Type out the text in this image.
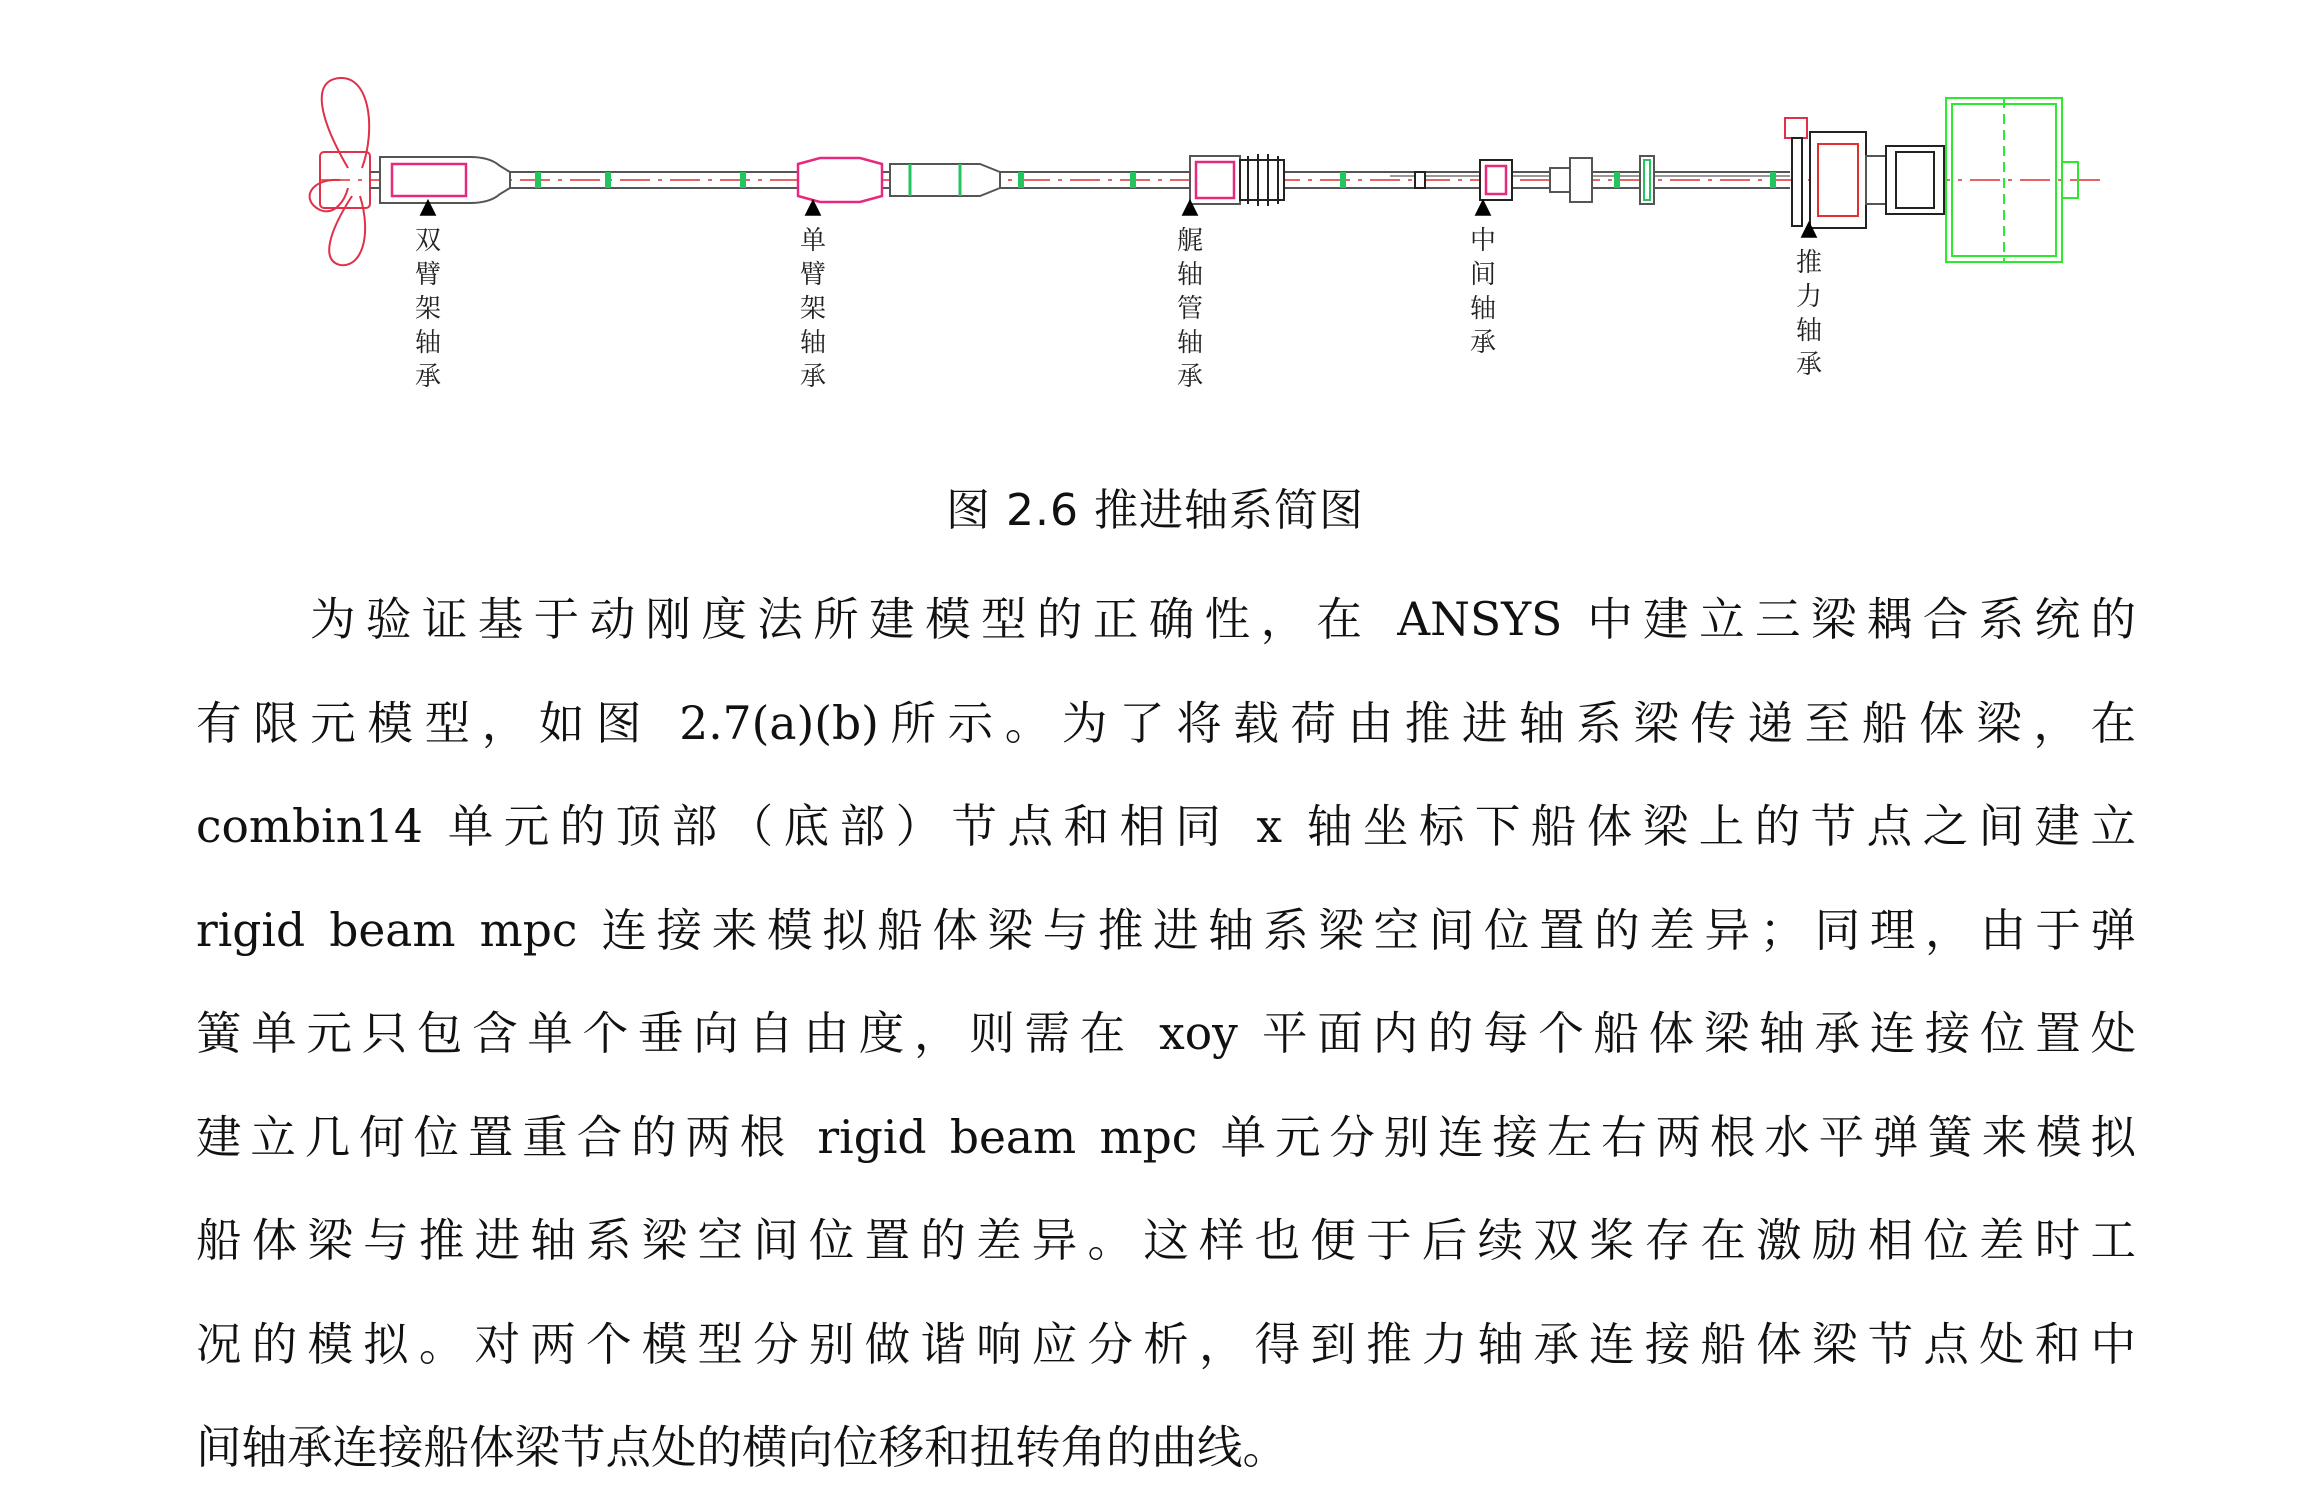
▲
双臂架轴承
▲
单臂架轴承
▲
艉轴管轴承
▲
中间轴承
▲
推力轴承
图 2.6 推进轴系简图
为验证基于动刚度法所建模型的正确性，在 ANSYS 中建立三梁耦合系统的
有限元模型，如图 2.7(a)(b)所示。为了将载荷由推进轴系梁传递至船体梁，在
combin14 单元的顶部（底部）节点和相同 x 轴坐标下船体梁上的节点之间建立
rigid beam mpc 连接来模拟船体梁与推进轴系梁空间位置的差异；同理，由于弹
簧单元只包含单个垂向自由度，则需在 xoy 平面内的每个船体梁轴承连接位置处
建立几何位置重合的两根 rigid beam mpc 单元分别连接左右两根水平弹簧来模拟
船体梁与推进轴系梁空间位置的差异。这样也便于后续双桨存在激励相位差时工
况的模拟。对两个模型分别做谐响应分析，得到推力轴承连接船体梁节点处和中
间轴承连接船体梁节点处的横向位移和扭转角的曲线。
